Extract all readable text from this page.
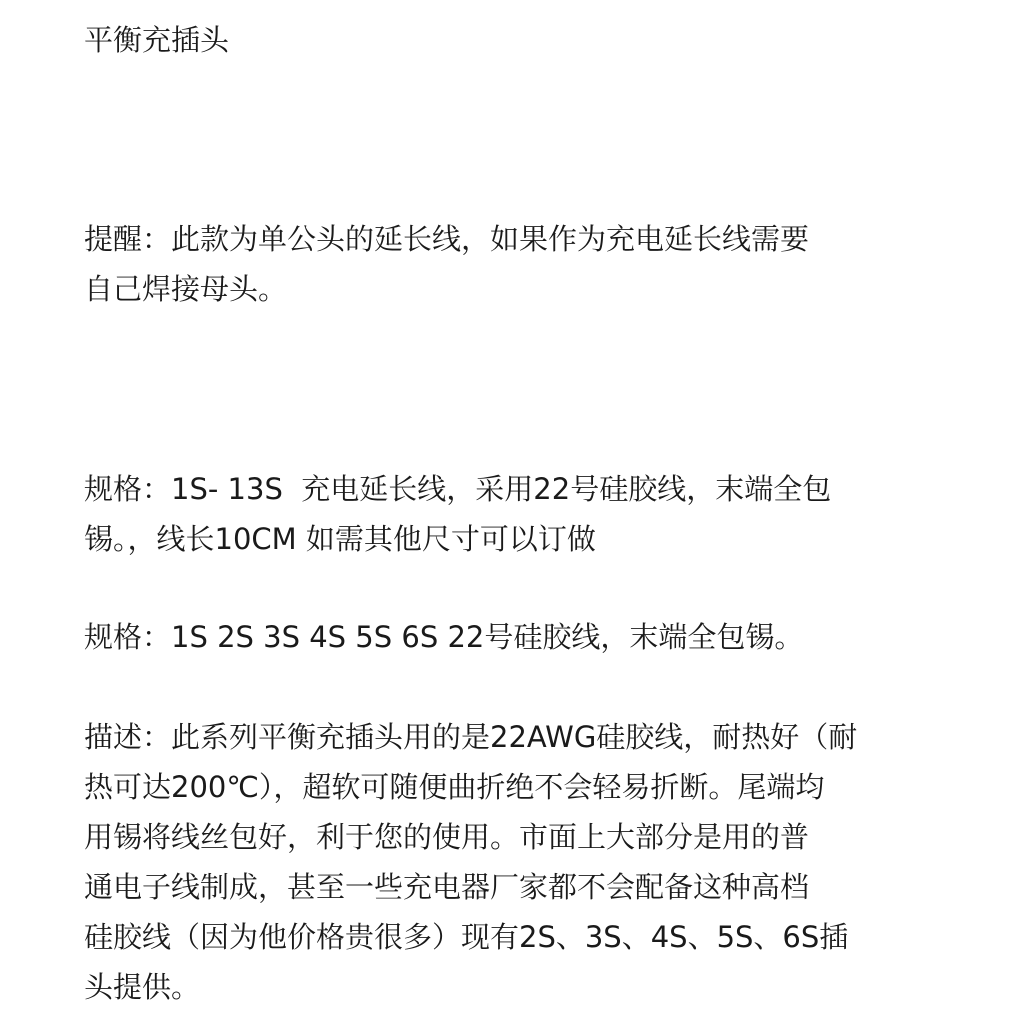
平衡充插头
提醒：此款为单公头的延长线，如果作为充电延长线需要
自己焊接母头。
规格：1S- 13S  充电延长线，采用22号硅胶线，末端全包
锡。，线长10CM 如需其他尺寸可以订做
规格：1S 2S 3S 4S 5S 6S 22号硅胶线，末端全包锡。
描述：此系列平衡充插头用的是22AWG硅胶线，耐热好（耐
热可达200℃），超软可随便曲折绝不会轻易折断。尾端均
用锡将线丝包好，利于您的使用。市面上大部分是用的普
通电子线制成，甚至一些充电器厂家都不会配备这种高档
硅胶线（因为他价格贵很多）现有2S、3S、4S、5S、6S插
头提供。
